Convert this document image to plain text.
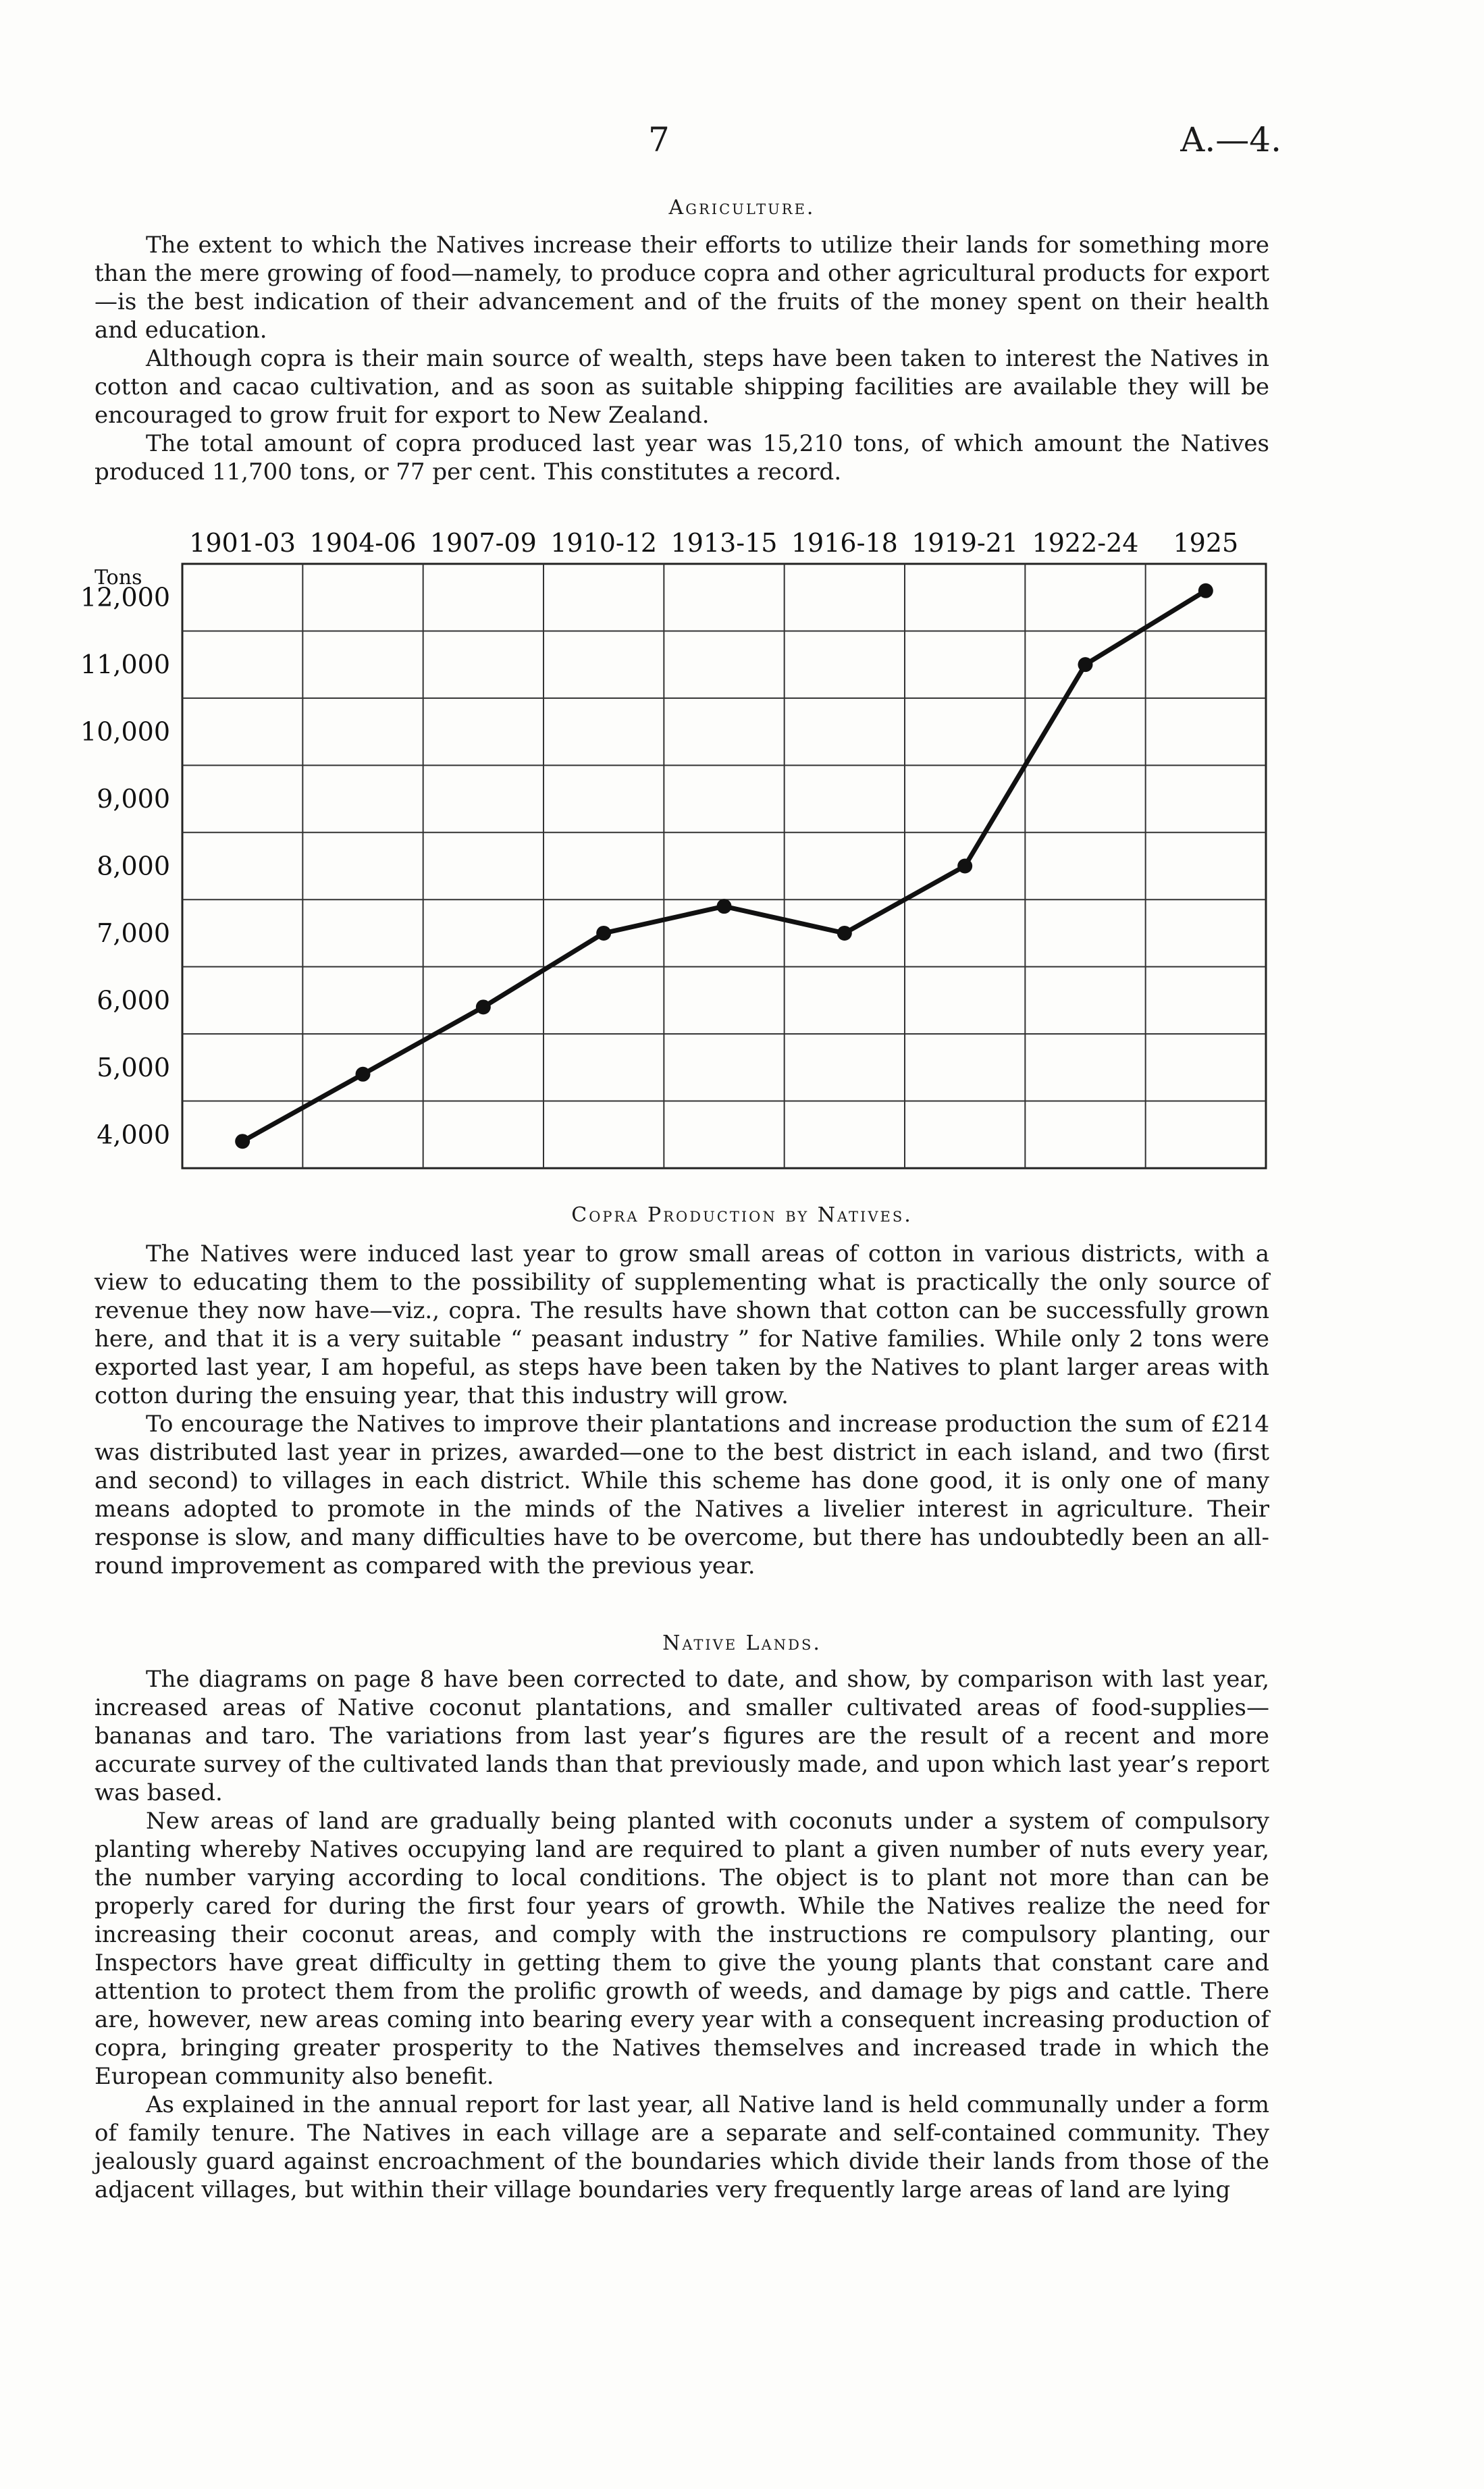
7	A.—4.
Agriculture.

The extent to which the Natives increase their efforts to utilize their lands for something more than the mere growing of food—namely, to produce copra and other agricultural products for export—is the best indication of their advancement and of the fruits of the money spent on their health and education.

Although copra is their main source of wealth, steps have been taken to interest the Natives in cotton and cacao cultivation, and as soon as suitable shipping facilities are available they will be encouraged to grow fruit for export to New Zealand.

The total amount of copra produced last year was 15,210 tons, of which amount the Natives produced 11,700 tons, or 77 per cent. This constitutes a record.

1901-03 1904-06 1907-09 1910-12 1913-15 1916-18 1919-21 1922-24 1925
4,000
5,000
6,000
7,000
8,000
9,000
10,000
11,000
12,000
Tons
Copra Production by Natives.

The Natives were induced last year to grow small areas of cotton in various districts, with a view to educating them to the possibility of supplementing what is practically the only source of revenue they now have—viz., copra. The results have shown that cotton can be successfully grown here, and that it is a very suitable “ peasant industry ” for Native families. While only 2 tons were exported last year, I am hopeful, as steps have been taken by the Natives to plant larger areas with cotton during the ensuing year, that this industry will grow.

To encourage the Natives to improve their plantations and increase production the sum of £214 was distributed last year in prizes, awarded—one to the best district in each island, and two (first and second) to villages in each district. While this scheme has done good, it is only one of many means adopted to promote in the minds of the Natives a livelier interest in agriculture. Their response is slow, and many difficulties have to be overcome, but there has undoubtedly been an all-round improvement as compared with the previous year.

Native Lands.

The diagrams on page 8 have been corrected to date, and show, by comparison with last year, increased areas of Native coconut plantations, and smaller cultivated areas of food-supplies—bananas and taro. The variations from last year’s figures are the result of a recent and more accurate survey of the cultivated lands than that previously made, and upon which last year’s report was based.

New areas of land are gradually being planted with coconuts under a system of compulsory planting whereby Natives occupying land are required to plant a given number of nuts every year, the number varying according to local conditions. The object is to plant not more than can be properly cared for during the first four years of growth. While the Natives realize the need for increasing their coconut areas, and comply with the instructions re compulsory planting, our Inspectors have great difficulty in getting them to give the young plants that constant care and attention to protect them from the prolific growth of weeds, and damage by pigs and cattle. There are, however, new areas coming into bearing every year with a consequent increasing production of copra, bringing greater prosperity to the Natives themselves and increased trade in which the European community also benefit.

As explained in the annual report for last year, all Native land is held communally under a form of family tenure. The Natives in each village are a separate and self-contained community. They jealously guard against encroachment of the boundaries which divide their lands from those of the adjacent villages, but within their village boundaries very frequently large areas of land are lying
